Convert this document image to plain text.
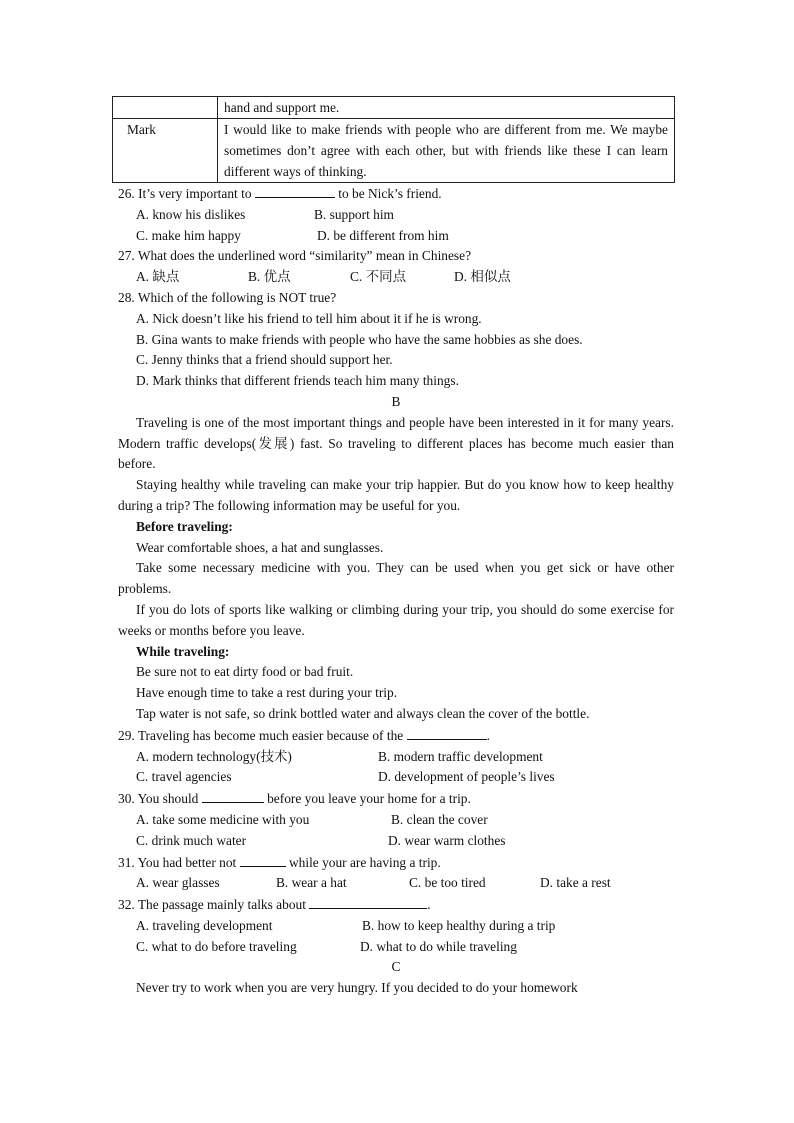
	hand and support me.
Mark	I would like to make friends with people who are different from me. We maybe sometimes don’t agree with each other, but with friends like these I can learn different ways of thinking.
26. It’s very important to	to be Nick’s friend.
A. know his dislikes	B. support him
C. make him happy	D. be different from him
27. What does the underlined word “similarity” mean in Chinese?
A. 缺点	B. 优点	C. 不同点	D. 相似点
28. Which of the following is NOT true?
A. Nick doesn’t like his friend to tell him about it if he is wrong.
B. Gina wants to make friends with people who have the same hobbies as she does.
C. Jenny thinks that a friend should support her.
D. Mark thinks that different friends teach him many things.
B
Traveling is one of the most important things and people have been interested in it for many years. Modern traffic develops(发展) fast. So traveling to different places has become much easier than before.
Staying healthy while traveling can make your trip happier. But do you know how to keep healthy during a trip? The following information may be useful for you.
Before traveling:
Wear comfortable shoes, a hat and sunglasses.
Take some necessary medicine with you. They can be used when you get sick or have other problems.
If you do lots of sports like walking or climbing during your trip, you should do some exercise for weeks or months before you leave.
While traveling:
Be sure not to eat dirty food or bad fruit.
Have enough time to take a rest during your trip.
Tap water is not safe, so drink bottled water and always clean the cover of the bottle.
29. Traveling has become much easier because of the	.
A. modern technology(技术)	B. modern traffic development
C. travel agencies	D. development of people’s lives
30. You should	before you leave your home for a trip.
A. take some medicine with you	B. clean the cover
C. drink much water	D. wear warm clothes
31. You had better not	while your are having a trip.
A. wear glasses	B. wear a hat	C. be too tired	D. take a rest
32. The passage mainly talks about	.
A. traveling development	B. how to keep healthy during a trip
C. what to do before traveling	D. what to do while traveling
C
Never try to work when you are very hungry. If you decided to do your homework
